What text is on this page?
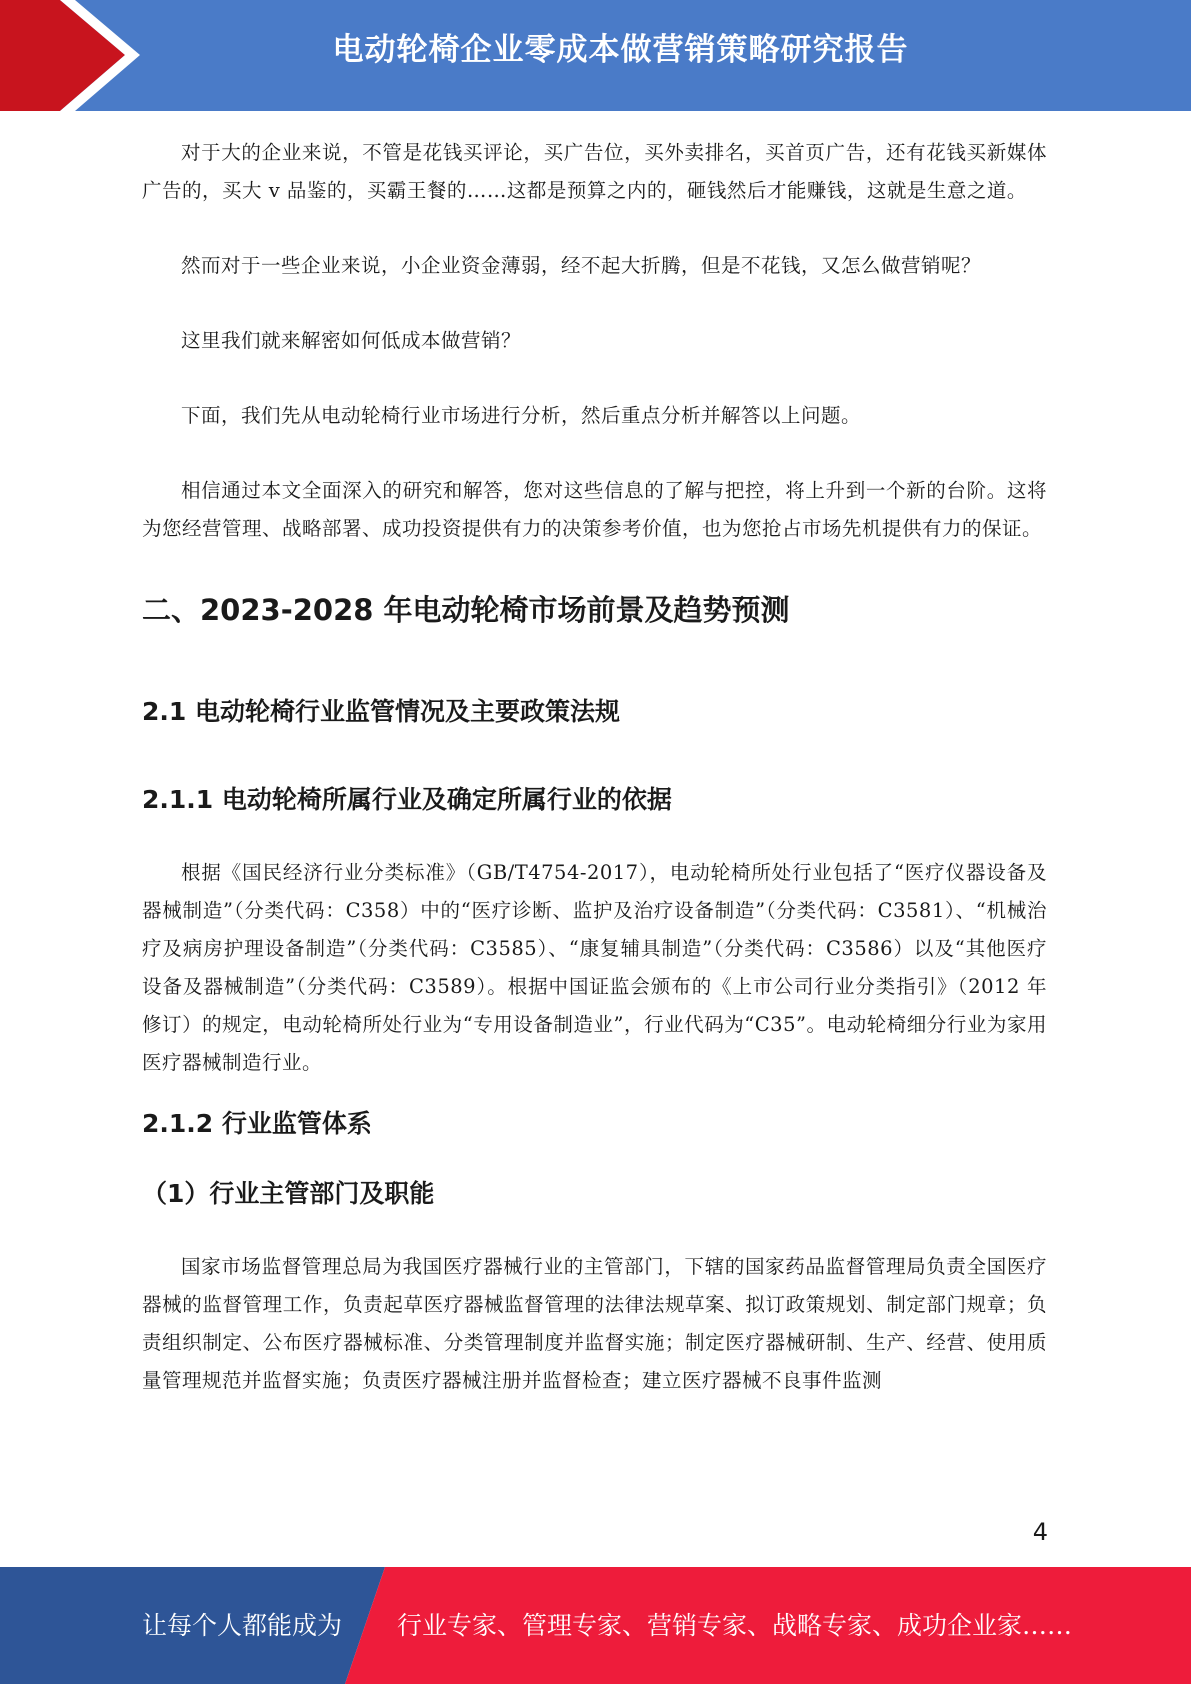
电动轮椅企业零成本做营销策略研究报告

对于大的企业来说，不管是花钱买评论，买广告位，买外卖排名，买首页广告，还有花钱买新媒体广告的，买大 v 品鉴的，买霸王餐的……这都是预算之内的，砸钱然后才能赚钱，这就是生意之道。

然而对于一些企业来说，小企业资金薄弱，经不起大折腾，但是不花钱，又怎么做营销呢？

这里我们就来解密如何低成本做营销？

下面，我们先从电动轮椅行业市场进行分析，然后重点分析并解答以上问题。

相信通过本文全面深入的研究和解答，您对这些信息的了解与把控，将上升到一个新的台阶。这将为您经营管理、战略部署、成功投资提供有力的决策参考价值，也为您抢占市场先机提供有力的保证。

二、2023-2028 年电动轮椅市场前景及趋势预测
2.1 电动轮椅行业监管情况及主要政策法规
2.1.1 电动轮椅所属行业及确定所属行业的依据

根据《国民经济行业分类标准》（GB/T4754-2017），电动轮椅所处行业包括了“医疗仪器设备及器械制造”（分类代码：C358）中的“医疗诊断、监护及治疗设备制造”（分类代码：C3581）、“机械治疗及病房护理设备制造”（分类代码：C3585）、“康复辅具制造”（分类代码：C3586）以及“其他医疗设备及器械制造”（分类代码：C3589）。根据中国证监会颁布的《上市公司行业分类指引》（2012 年修订）的规定，电动轮椅所处行业为“专用设备制造业”，行业代码为“C35”。电动轮椅细分行业为家用医疗器械制造行业。

2.1.2 行业监管体系
（1）行业主管部门及职能

国家市场监督管理总局为我国医疗器械行业的主管部门，下辖的国家药品监督管理局负责全国医疗器械的监督管理工作，负责起草医疗器械监督管理的法律法规草案、拟订政策规划、制定部门规章；负责组织制定、公布医疗器械标准、分类管理制度并监督实施；制定医疗器械研制、生产、经营、使用质量管理规范并监督实施；负责医疗器械注册并监督检查；建立医疗器械不良事件监测

4
让每个人都能成为 行业专家、管理专家、营销专家、战略专家、成功企业家……
